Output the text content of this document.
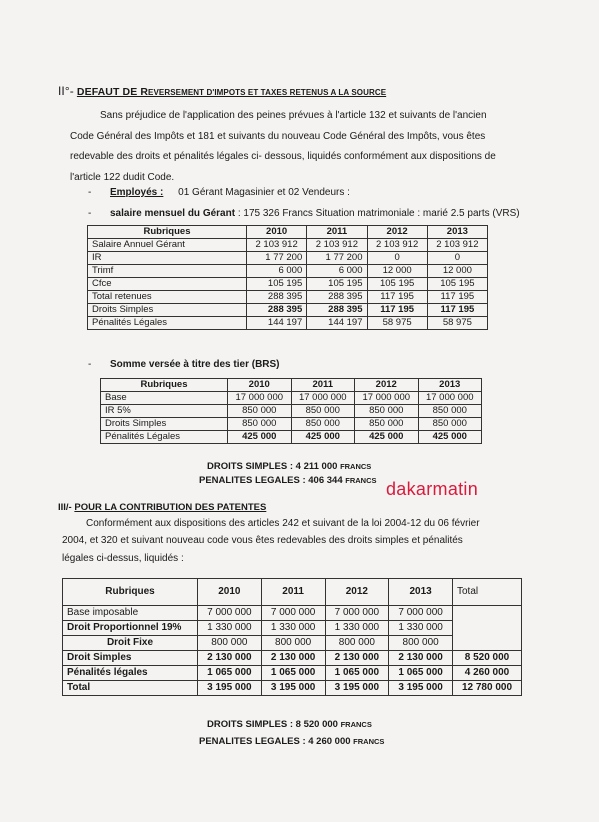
II°- DEFAUT DE REVERSEMENT D'IMPOTS ET TAXES RETENUS A LA SOURCE

Sans préjudice de l'application des peines prévues à l'article 132 et suivants de l'ancien

Code Général des Impôts et 181 et suivants du nouveau Code Général des Impôts, vous êtes

redevable des droits et pénalités légales ci- dessous, liquidés conformément aux dispositions de

l'article 122 dudit Code.

- Employés : 01 Gérant Magasinier et 02 Vendeurs :
- salaire mensuel du Gérant : 175 326 Francs Situation matrimoniale : marié 2.5 parts (VRS)
Rubriques	2010	2011	2012	2013
Salaire Annuel Gérant	2 103 912	2 103 912	2 103 912	2 103 912
IR	1 77 200	1 77 200	0	0
Trimf	6 000	6 000	12 000	12 000
Cfce	105 195	105 195	105 195	105 195
Total retenues	288 395	288 395	117 195	117 195
Droits Simples	288 395	288 395	117 195	117 195
Pénalités Légales	144 197	144 197	58 975	58 975
- Somme versée à titre des tier (BRS)
Rubriques	2010	2011	2012	2013
Base	17 000 000	17 000 000	17 000 000	17 000 000
IR 5%	850 000	850 000	850 000	850 000
Droits Simples	850 000	850 000	850 000	850 000
Pénalités Légales	425 000	425 000	425 000	425 000
DROITS SIMPLES : 4 211 000 FRANCS
PENALITES LEGALES : 406 344 FRANCS dakarmatin
III/- POUR LA CONTRIBUTION DES PATENTES

Conformément aux dispositions des articles 242 et suivant de la loi 2004-12 du 06 février

2004, et 320 et suivant nouveau code vous êtes redevables des droits simples et pénalités

légales ci-dessus, liquidés :

Rubriques	2010	2011	2012	2013	Total
Base imposable	7 000 000	7 000 000	7 000 000	7 000 000	
Droit Proportionnel 19%	1 330 000	1 330 000	1 330 000	1 330 000	
Droit Fixe	800 000	800 000	800 000	800 000	
Droit Simples	2 130 000	2 130 000	2 130 000	2 130 000	8 520 000
Pénalités légales	1 065 000	1 065 000	1 065 000	1 065 000	4 260 000
Total	3 195 000	3 195 000	3 195 000	3 195 000	12 780 000
DROITS SIMPLES : 8 520 000 FRANCS
PENALITES LEGALES : 4 260 000 FRANCS
